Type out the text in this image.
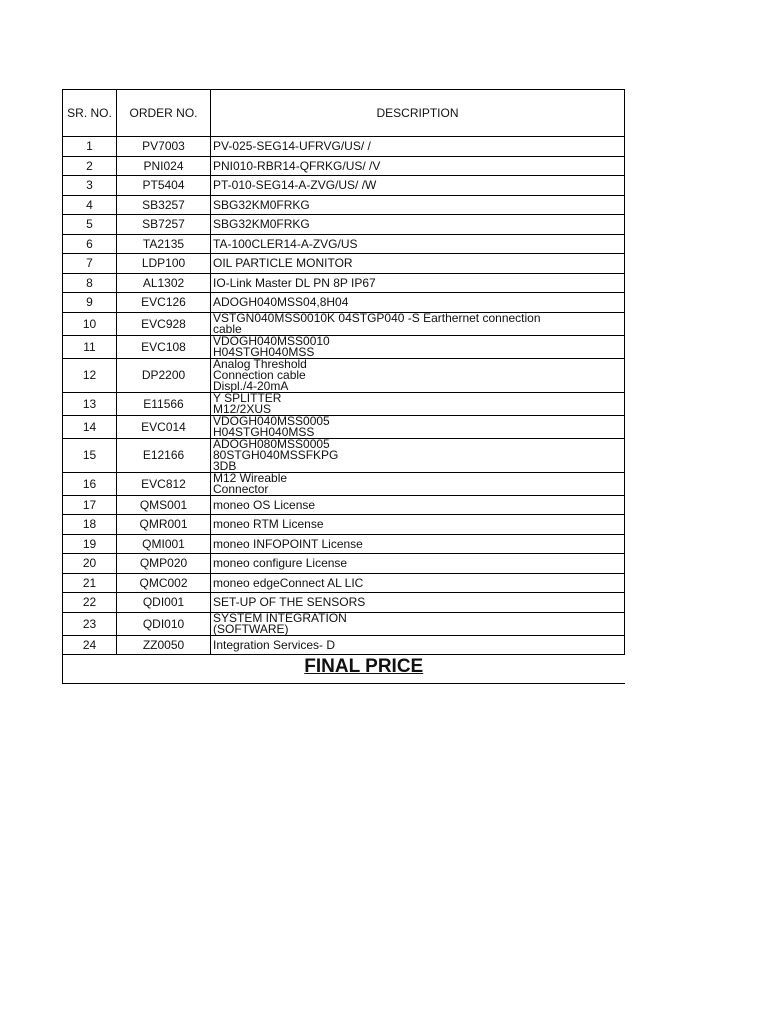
SR. NO.	ORDER NO.	DESCRIPTION
1	PV7003	PV-025-SEG14-UFRVG/US/ /
2	PNI024	PNI010-RBR14-QFRKG/US/ /V
3	PT5404	PT-010-SEG14-A-ZVG/US/ /W
4	SB3257	SBG32KM0FRKG
5	SB7257	SBG32KM0FRKG
6	TA2135	TA-100CLER14-A-ZVG/US
7	LDP100	OIL PARTICLE MONITOR
8	AL1302	IO-Link Master DL PN 8P IP67
9	EVC126	ADOGH040MSS04,8H04
10	EVC928	VSTGN040MSS0010K 04STGP040 -S Earthernet connection
cable

11	EVC108	VDOGH040MSS0010
H04STGH040MSS

12	DP2200	Analog Threshold
Connection cable
Displ./4-20mA

13	E11566	Y SPLITTER
M12/2XUS

14	EVC014	VDOGH040MSS0005
H04STGH040MSS

15	E12166	ADOGH080MSS0005
80STGH040MSSFKPG
3DB

16	EVC812	M12 Wireable
Connector

17	QMS001	moneo OS License
18	QMR001	moneo RTM License
19	QMI001	moneo INFOPOINT License
20	QMP020	moneo configure License
21	QMC002	moneo edgeConnect AL LIC
22	QDI001	SET-UP OF THE SENSORS
23	QDI010	SYSTEM INTEGRATION
(SOFTWARE)

24	ZZ0050	Integration Services- D
FINAL PRICE		
